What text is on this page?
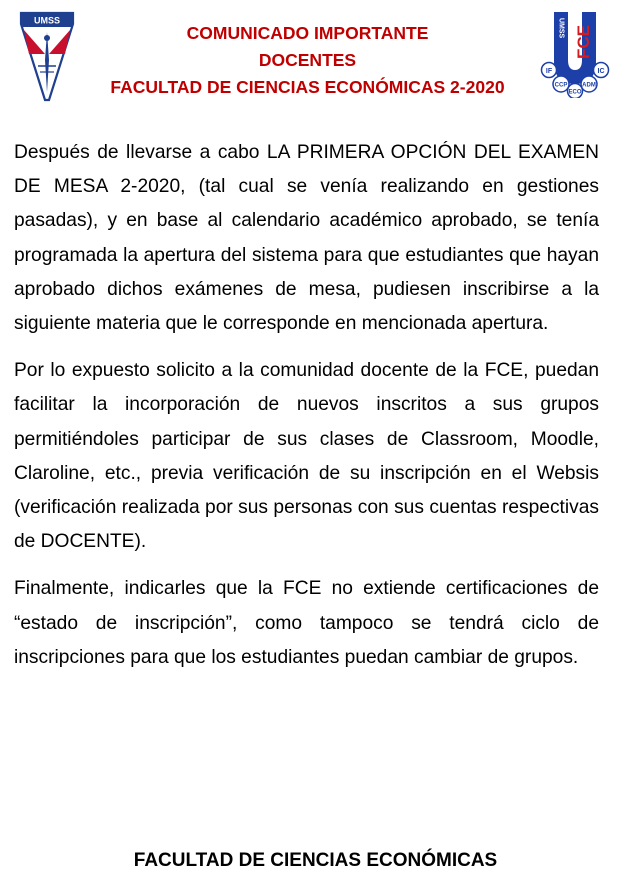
UMSS
COMUNICADO IMPORTANTE
DOCENTES
FACULTAD DE CIENCIAS ECONÓMICAS 2-2020
UMSS FCE
IF	IC
CCP
ECO
ADM

Después de llevarse a cabo LA PRIMERA OPCIÓN DEL EXAMEN DE MESA 2-2020, (tal cual se venía realizando en gestiones pasadas), y en base al calendario académico aprobado, se tenía programada la apertura del sistema para que estudiantes que hayan aprobado dichos exámenes de mesa, pudiesen inscribirse a la siguiente materia que le corresponde en mencionada apertura.

Por lo expuesto solicito a la comunidad docente de la FCE, puedan facilitar la incorporación de nuevos inscritos a sus grupos permitiéndoles participar de sus clases de Classroom, Moodle, Claroline, etc., previa verificación de su inscripción en el Websis (verificación realizada por sus personas con sus cuentas respectivas de DOCENTE).

Finalmente, indicarles que la FCE no extiende certificaciones de “estado de inscripción”, como tampoco se tendrá ciclo de inscripciones para que los estudiantes puedan cambiar de grupos.

FACULTAD DE CIENCIAS ECONÓMICAS
